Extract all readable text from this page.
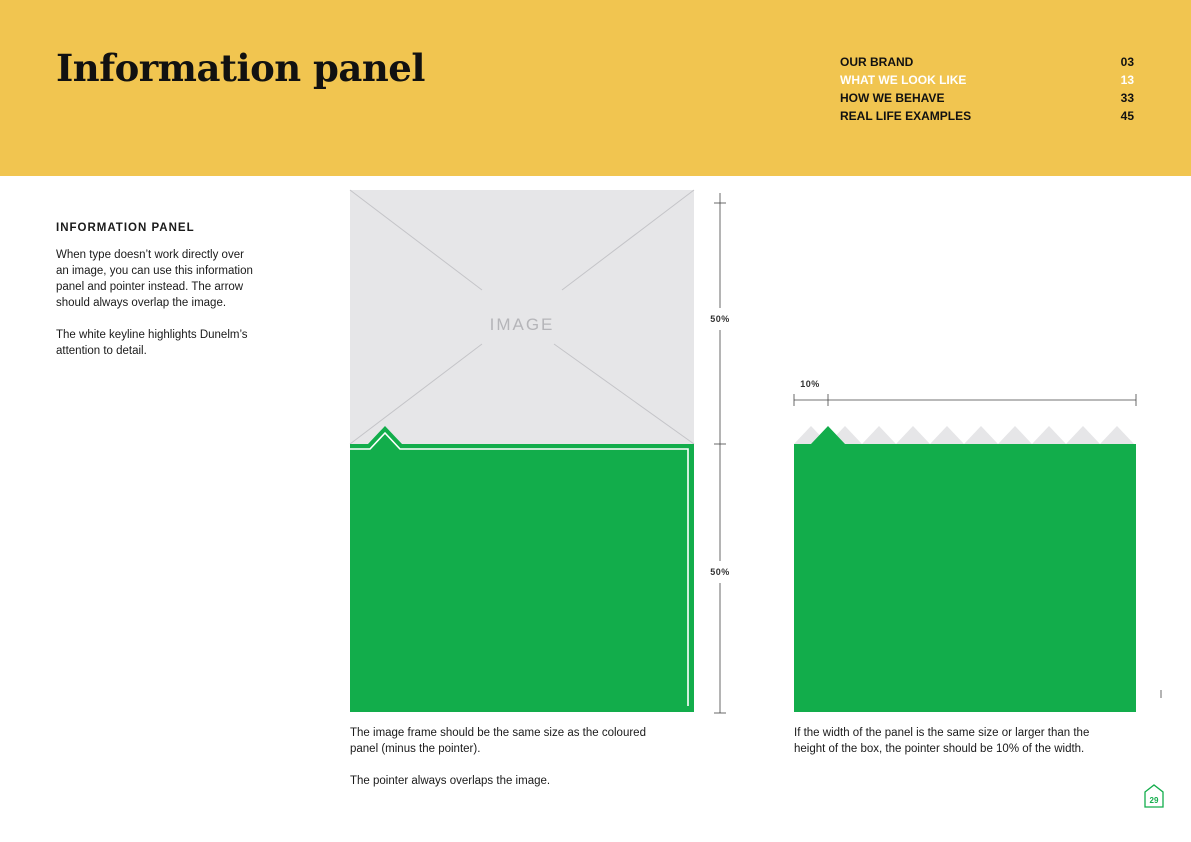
Information panel	OUR BRAND	03
WHAT WE LOOK LIKE	13
HOW WE BEHAVE	33
REAL LIFE EXAMPLES	45
INFORMATION PANEL

When type doesn’t work directly over an image, you can use this information panel and pointer instead. The arrow should always overlap the image.

The white keyline highlights Dunelm’s attention to detail.

IMAGE	50%
50%
10%
29

The image frame should be the same size as the coloured panel (minus the pointer).

The pointer always overlaps the image.

If the width of the panel is the same size or larger than the height of the box, the pointer should be 10% of the width.
